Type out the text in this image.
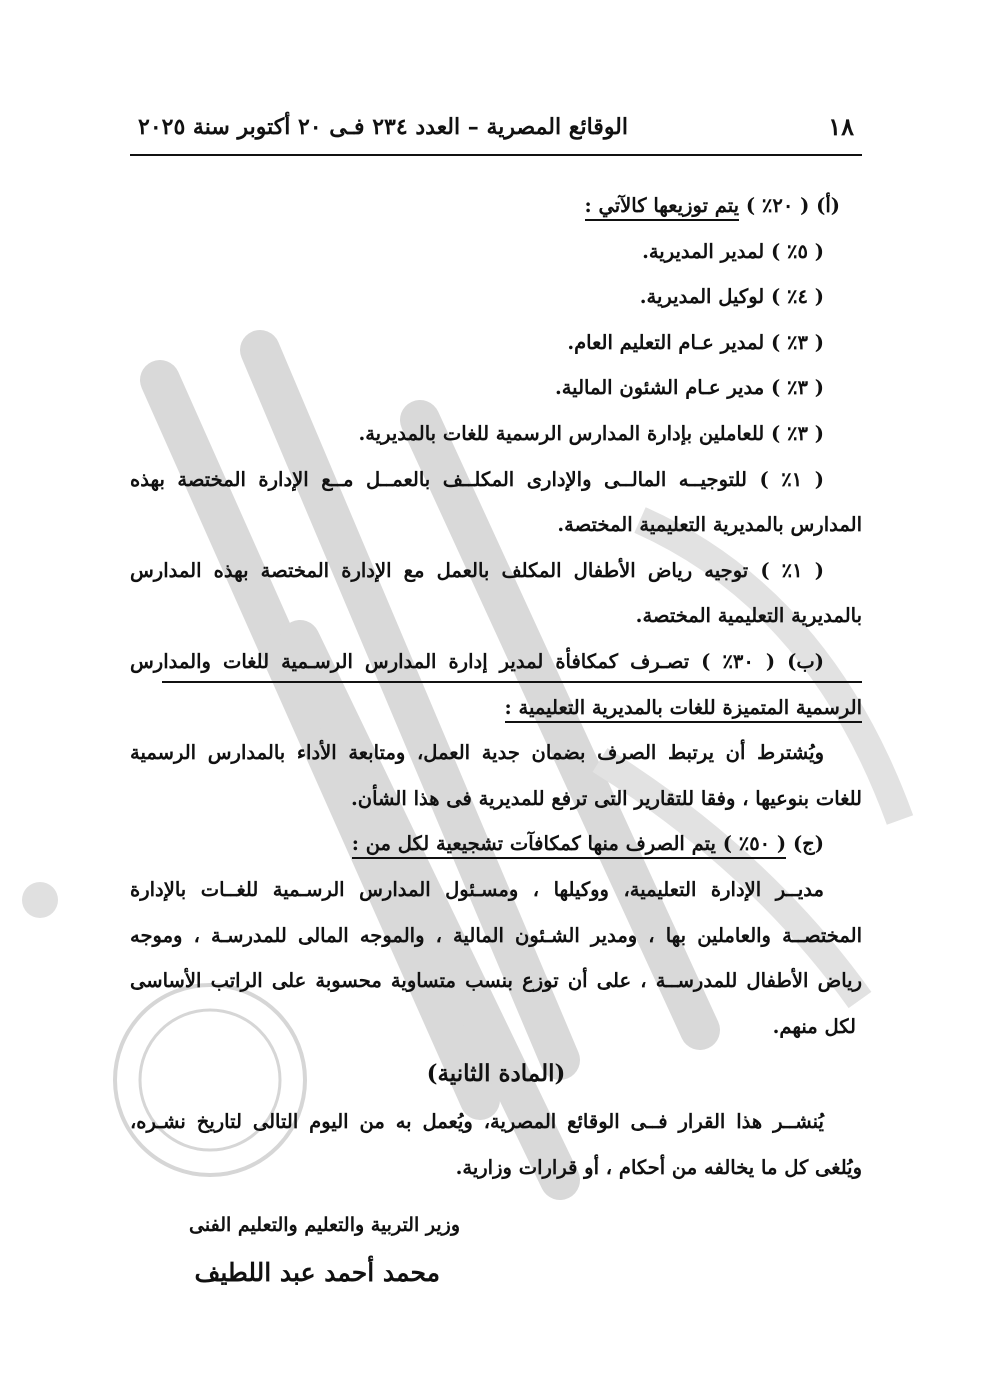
١٨
الوقائع المصرية – العدد ٢٣٤ فـى ٢٠ أكتوبر سنة ٢٠٢٥
(أ) ( ٢٠٪ ) يتم توزيعها كالآتي :
( ٥٪ ) لمدير المديرية.
( ٤٪ ) لوكيل المديرية.
( ٣٪ ) لمدير عـام التعليم العام.
( ٣٪ ) مدير عـام الشئون المالية.
( ٣٪ ) للعاملين بإدارة المدارس الرسمية للغات بالمديرية.
( ١٪ ) للتوجيــه المالــى والإدارى المكلــف بالعمــل مــع الإدارة المختصة بهذه
المدارس بالمديرية التعليمية المختصة.
( ١٪ ) توجيه رياض الأطفال المكلف بالعمل مع الإدارة المختصة بهذه المدارس
بالمديرية التعليمية المختصة.
(ب) ( ٣٠٪ ) تصـرف كمكافأة لمدير إدارة المدارس الرسـمية للغات والمدارس
الرسمية المتميزة للغات بالمديرية التعليمية :
ويُشترط أن يرتبط الصرف بضمان جدية العمل، ومتابعة الأداء بالمدارس الرسمية
للغات بنوعيها ، وفقا للتقارير التى ترفع للمديرية فى هذا الشأن.
(ج) ( ٥٠٪ ) يتم الصرف منها كمكافآت تشجيعية لكل من :
مديــر الإدارة التعليمية، ووكيلها ، ومسـئول المدارس الرسـمية للغــات بالإدارة
المختصــة والعاملين بها ، ومدير الشـئون المالية ، والموجه المالى للمدرسـة ، وموجه
رياض الأطفال للمدرســة ، على أن توزع بنسب متساوية محسوبة على الراتب الأساسى
لكل منهم.
(المادة الثانية)
يُنشــر هذا القرار فــى الوقائع المصرية، ويُعمل به من اليوم التالى لتاريخ نشـره،
ويُلغى كل ما يخالفه من أحكام ، أو قرارات وزارية.
وزير التربية والتعليم والتعليم الفنى
محمد أحمد عبد اللطيف
